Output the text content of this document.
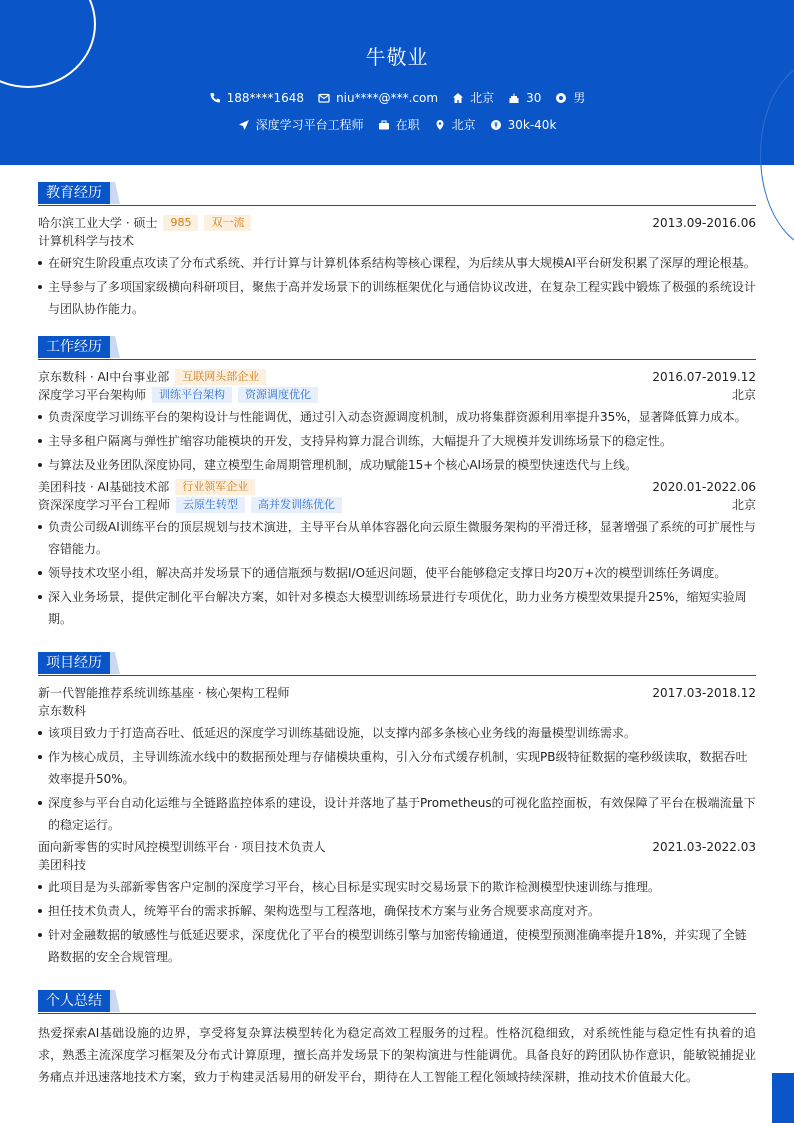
牛敬业
188****1648	niu****@***.com	北京	30	男
深度学习平台工程师	在职	北京	30k-40k
教育经历
哈尔滨工业大学 · 硕士	985	双一流	2013.09-2016.06
计算机科学与技术
在研究生阶段重点攻读了分布式系统、并行计算与计算机体系结构等核心课程，为后续从事大规模AI平台研发积累了深厚的理论根基。
主导参与了多项国家级横向科研项目，聚焦于高并发场景下的训练框架优化与通信协议改进，在复杂工程实践中锻炼了极强的系统设计与团队协作能力。
工作经历
京东数科 · AI中台事业部	互联网头部企业	2016.07-2019.12
深度学习平台架构师	训练平台架构	资源调度优化	北京
负责深度学习训练平台的架构设计与性能调优，通过引入动态资源调度机制，成功将集群资源利用率提升35%，显著降低算力成本。
主导多租户隔离与弹性扩缩容功能模块的开发，支持异构算力混合训练，大幅提升了大规模并发训练场景下的稳定性。
与算法及业务团队深度协同，建立模型生命周期管理机制，成功赋能15+个核心AI场景的模型快速迭代与上线。
美团科技 · AI基础技术部	行业领军企业	2020.01-2022.06
资深深度学习平台工程师	云原生转型	高并发训练优化	北京
负责公司级AI训练平台的顶层规划与技术演进，主导平台从单体容器化向云原生微服务架构的平滑迁移，显著增强了系统的可扩展性与容错能力。
领导技术攻坚小组，解决高并发场景下的通信瓶颈与数据I/O延迟问题，使平台能够稳定支撑日均20万+次的模型训练任务调度。
深入业务场景，提供定制化平台解决方案，如针对多模态大模型训练场景进行专项优化，助力业务方模型效果提升25%，缩短实验周期。
项目经历
新一代智能推荐系统训练基座 · 核心架构工程师	2017.03-2018.12
京东数科
该项目致力于打造高吞吐、低延迟的深度学习训练基础设施，以支撑内部多条核心业务线的海量模型训练需求。
作为核心成员，主导训练流水线中的数据预处理与存储模块重构，引入分布式缓存机制，实现PB级特征数据的毫秒级读取，数据吞吐效率提升50%。
深度参与平台自动化运维与全链路监控体系的建设，设计并落地了基于Prometheus的可视化监控面板，有效保障了平台在极端流量下的稳定运行。
面向新零售的实时风控模型训练平台 · 项目技术负责人	2021.03-2022.03
美团科技
此项目是为头部新零售客户定制的深度学习平台，核心目标是实现实时交易场景下的欺诈检测模型快速训练与推理。
担任技术负责人，统筹平台的需求拆解、架构选型与工程落地，确保技术方案与业务合规要求高度对齐。
针对金融数据的敏感性与低延迟要求，深度优化了平台的模型训练引擎与加密传输通道，使模型预测准确率提升18%，并实现了全链路数据的安全合规管理。
个人总结
热爱探索AI基础设施的边界，享受将复杂算法模型转化为稳定高效工程服务的过程。性格沉稳细致，对系统性能与稳定性有执着的追求，熟悉主流深度学习框架及分布式计算原理，擅长高并发场景下的架构演进与性能调优。具备良好的跨团队协作意识，能敏锐捕捉业务痛点并迅速落地技术方案，致力于构建灵活易用的研发平台，期待在人工智能工程化领域持续深耕，推动技术价值最大化。
